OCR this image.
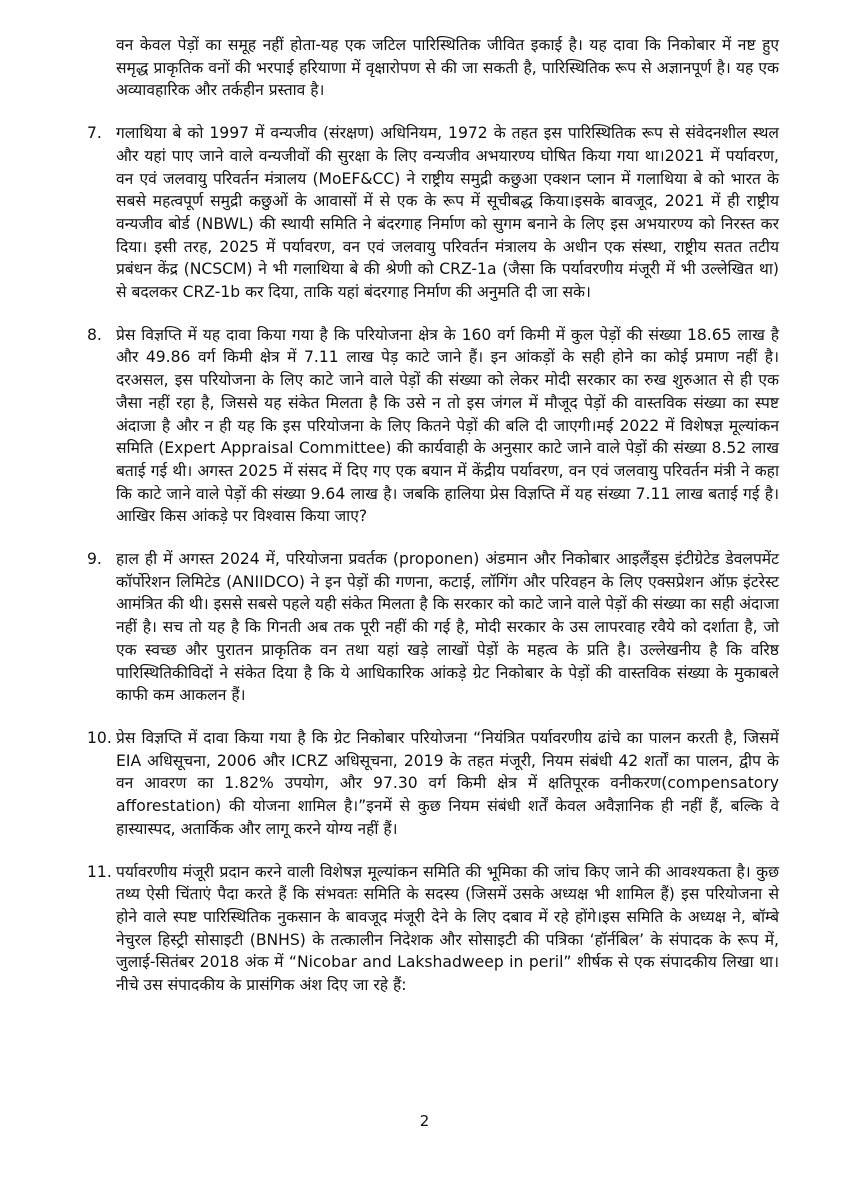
वन केवल पेड़ों का समूह नहीं होता-यह एक जटिल पारिस्थितिक जीवित इकाई है। यह दावा कि निकोबार में नष्ट हुए समृद्ध प्राकृतिक वनों की भरपाई हरियाणा में वृक्षारोपण से की जा सकती है, पारिस्थितिक रूप से अज्ञानपूर्ण है। यह एक अव्यावहारिक और तर्कहीन प्रस्ताव है।

7. गलाथिया बे को 1997 में वन्यजीव (संरक्षण) अधिनियम, 1972 के तहत इस पारिस्थितिक रूप से संवेदनशील स्थल और यहां पाए जाने वाले वन्यजीवों की सुरक्षा के लिए वन्यजीव अभयारण्य घोषित किया गया था।2021 में पर्यावरण, वन एवं जलवायु परिवर्तन मंत्रालय (MoEF&CC) ने राष्ट्रीय समुद्री कछुआ एक्शन प्लान में गलाथिया बे को भारत के सबसे महत्वपूर्ण समुद्री कछुओं के आवासों में से एक के रूप में सूचीबद्ध किया।इसके बावजूद, 2021 में ही राष्ट्रीय वन्यजीव बोर्ड (NBWL) की स्थायी समिति ने बंदरगाह निर्माण को सुगम बनाने के लिए इस अभयारण्य को निरस्त कर दिया। इसी तरह, 2025 में पर्यावरण, वन एवं जलवायु परिवर्तन मंत्रालय के अधीन एक संस्था, राष्ट्रीय सतत तटीय प्रबंधन केंद्र (NCSCM) ने भी गलाथिया बे की श्रेणी को CRZ-1a (जैसा कि पर्यावरणीय मंजूरी में भी उल्लेखित था) से बदलकर CRZ-1b कर दिया, ताकि यहां बंदरगाह निर्माण की अनुमति दी जा सके।
8. प्रेस विज्ञप्ति में यह दावा किया गया है कि परियोजना क्षेत्र के 160 वर्ग किमी में कुल पेड़ों की संख्या 18.65 लाख है और 49.86 वर्ग किमी क्षेत्र में 7.11 लाख पेड़ काटे जाने हैं। इन आंकड़ों के सही होने का कोई प्रमाण नहीं है। दरअसल, इस परियोजना के लिए काटे जाने वाले पेड़ों की संख्या को लेकर मोदी सरकार का रुख शुरुआत से ही एक जैसा नहीं रहा है, जिससे यह संकेत मिलता है कि उसे न तो इस जंगल में मौजूद पेड़ों की वास्तविक संख्या का स्पष्ट अंदाजा है और न ही यह कि इस परियोजना के लिए कितने पेड़ों की बलि दी जाएगी।मई 2022 में विशेषज्ञ मूल्यांकन समिति (Expert Appraisal Committee) की कार्यवाही के अनुसार काटे जाने वाले पेड़ों की संख्या 8.52 लाख बताई गई थी। अगस्त 2025 में संसद में दिए गए एक बयान में केंद्रीय पर्यावरण, वन एवं जलवायु परिवर्तन मंत्री ने कहा कि काटे जाने वाले पेड़ों की संख्या 9.64 लाख है। जबकि हालिया प्रेस विज्ञप्ति में यह संख्या 7.11 लाख बताई गई है। आखिर किस आंकड़े पर विश्वास किया जाए?
9. हाल ही में अगस्त 2024 में, परियोजना प्रवर्तक (proponen) अंडमान और निकोबार आइलैंड्स इंटीग्रेटेड डेवलपमेंट कॉर्पोरेशन लिमिटेड (ANIIDCO) ने इन पेड़ों की गणना, कटाई, लॉगिंग और परिवहन के लिए एक्सप्रेशन ऑफ़ इंटरेस्ट आमंत्रित की थी। इससे सबसे पहले यही संकेत मिलता है कि सरकार को काटे जाने वाले पेड़ों की संख्या का सही अंदाजा नहीं है। सच तो यह है कि गिनती अब तक पूरी नहीं की गई है, मोदी सरकार के उस लापरवाह रवैये को दर्शाता है, जो एक स्वच्छ और पुरातन प्राकृतिक वन तथा यहां खड़े लाखों पेड़ों के महत्व के प्रति है। उल्लेखनीय है कि वरिष्ठ पारिस्थितिकीविदों ने संकेत दिया है कि ये आधिकारिक आंकड़े ग्रेट निकोबार के पेड़ों की वास्तविक संख्या के मुकाबले काफी कम आकलन हैं।
10. प्रेस विज्ञप्ति में दावा किया गया है कि ग्रेट निकोबार परियोजना “नियंत्रित पर्यावरणीय ढांचे का पालन करती है, जिसमें EIA अधिसूचना, 2006 और ICRZ अधिसूचना, 2019 के तहत मंजूरी, नियम संबंधी 42 शर्तों का पालन, द्वीप के वन आवरण का 1.82% उपयोग, और 97.30 वर्ग किमी क्षेत्र में क्षतिपूरक वनीकरण(compensatory afforestation) की योजना शामिल है।”इनमें से कुछ नियम संबंधी शर्तें केवल अवैज्ञानिक ही नहीं हैं, बल्कि वे हास्यास्पद, अतार्किक और लागू करने योग्य नहीं हैं।
11. पर्यावरणीय मंजूरी प्रदान करने वाली विशेषज्ञ मूल्यांकन समिति की भूमिका की जांच किए जाने की आवश्यकता है। कुछ तथ्य ऐसी चिंताएं पैदा करते हैं कि संभवतः समिति के सदस्य (जिसमें उसके अध्यक्ष भी शामिल हैं) इस परियोजना से होने वाले स्पष्ट पारिस्थितिक नुकसान के बावजूद मंजूरी देने के लिए दबाव में रहे होंगे।इस समिति के अध्यक्ष ने, बॉम्बे नेचुरल हिस्ट्री सोसाइटी (BNHS) के तत्कालीन निदेशक और सोसाइटी की पत्रिका ‘हॉर्नबिल’ के संपादक के रूप में, जुलाई-सितंबर 2018 अंक में “Nicobar and Lakshadweep in peril” शीर्षक से एक संपादकीय लिखा था। नीचे उस संपादकीय के प्रासंगिक अंश दिए जा रहे हैं:
2
